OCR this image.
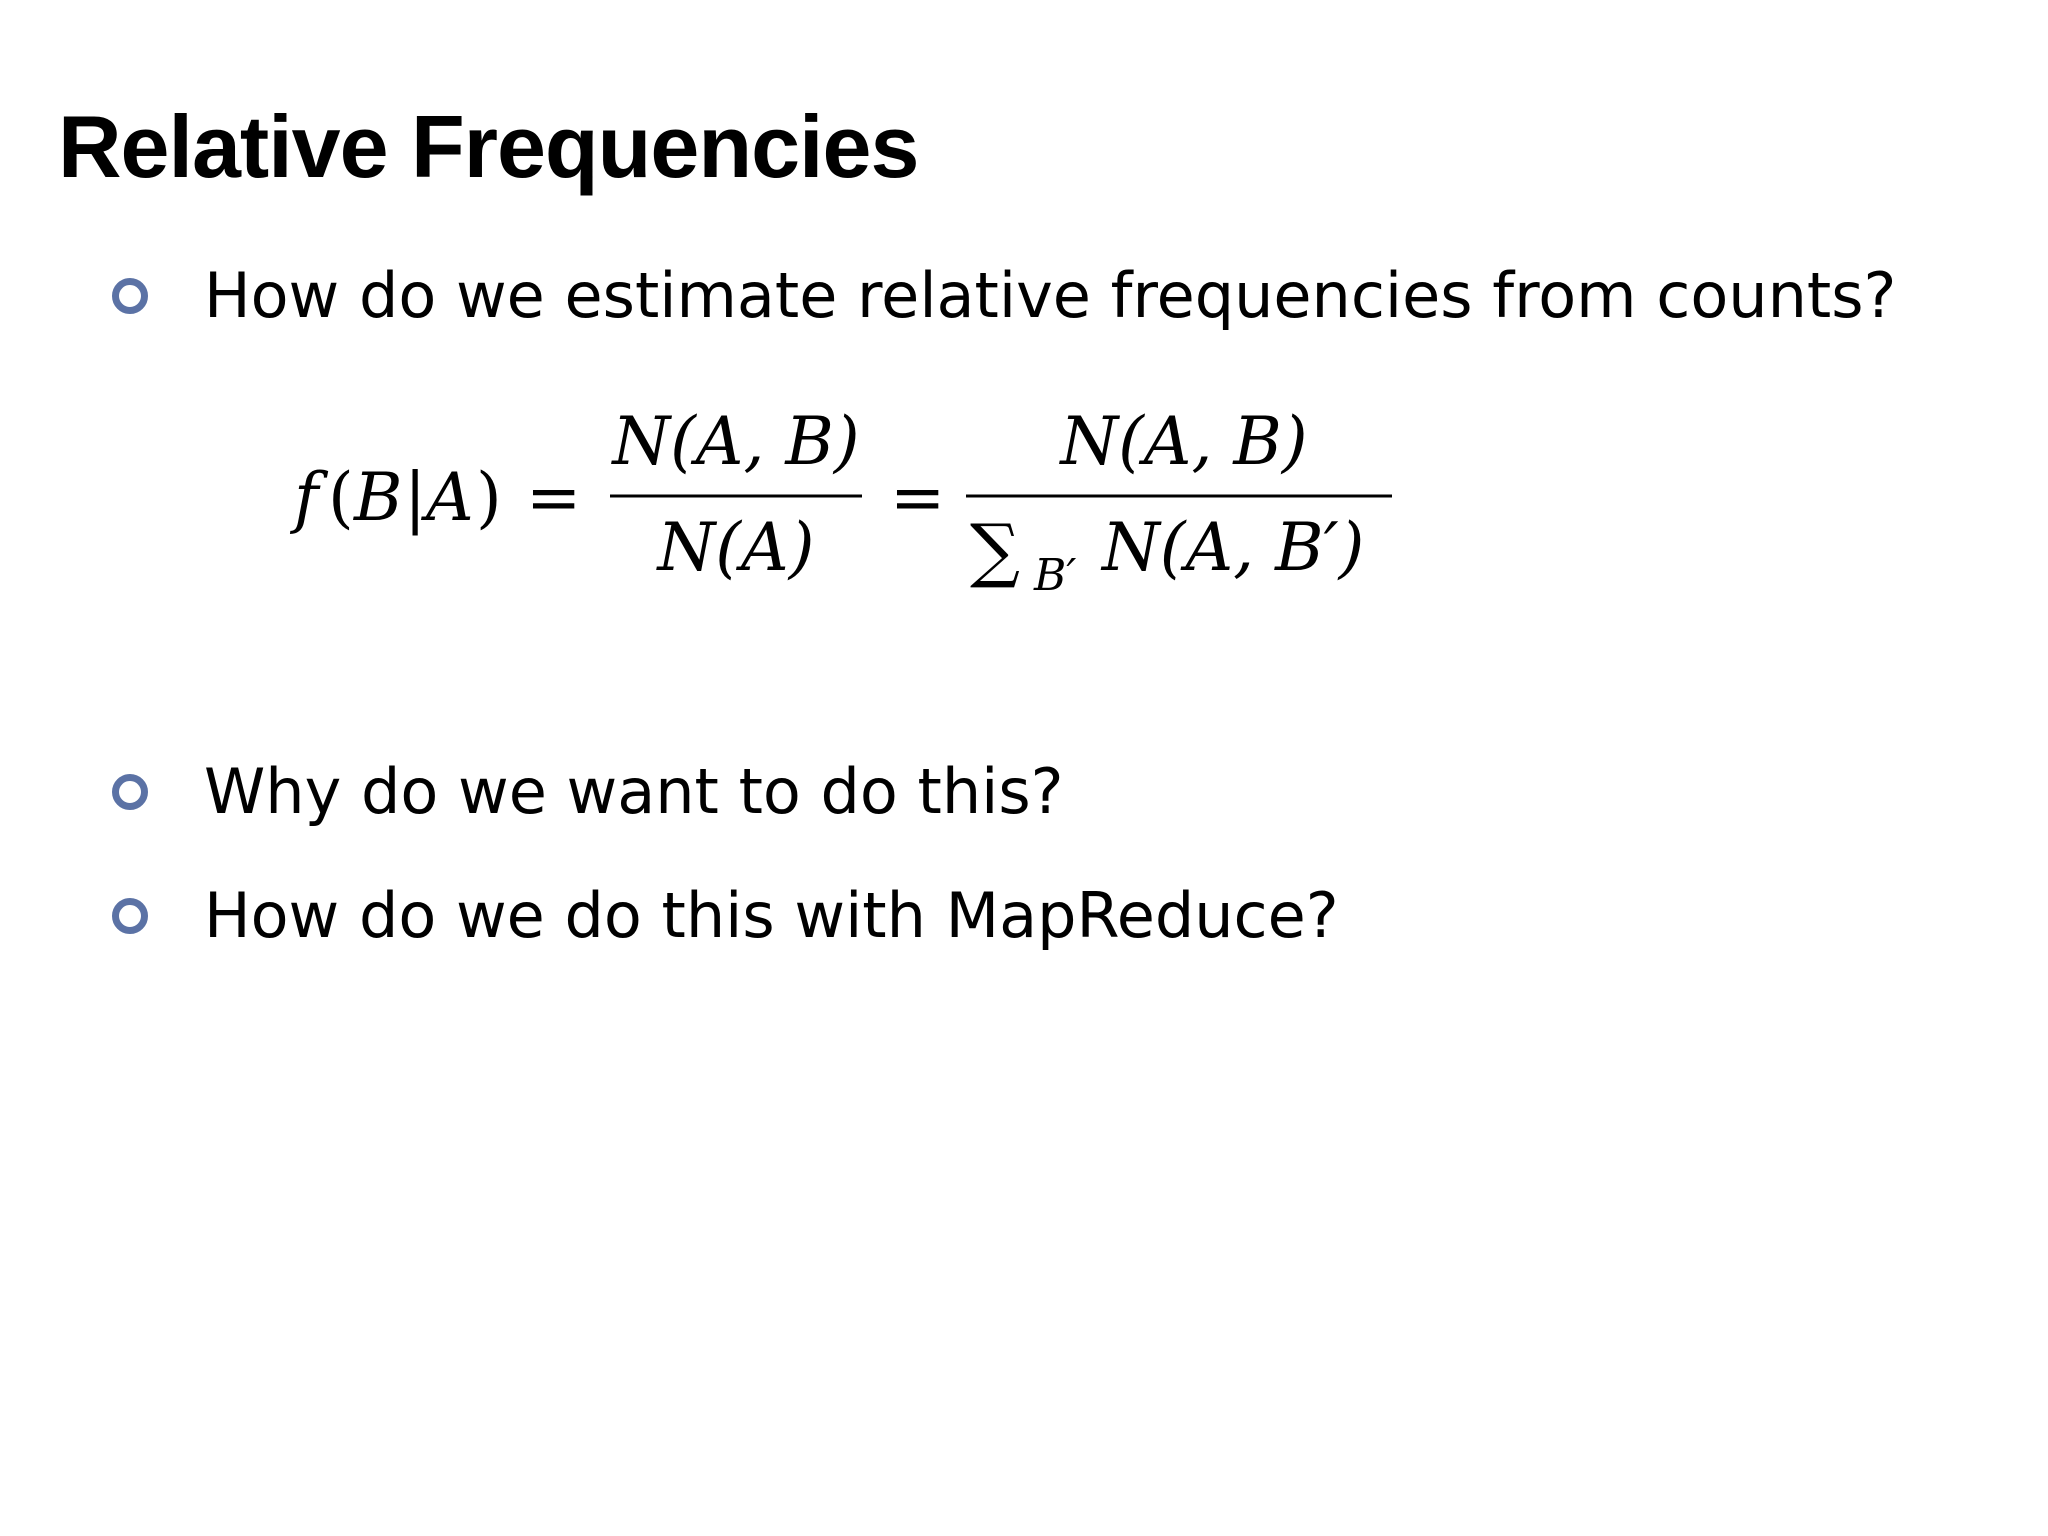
Relative Frequencies
How do we estimate relative frequencies from counts?
f ( B | A ) =
N(A, B)
N(A)
=
N(A, B)
∑ B′ N(A, B′)
Why do we want to do this?
How do we do this with MapReduce?
